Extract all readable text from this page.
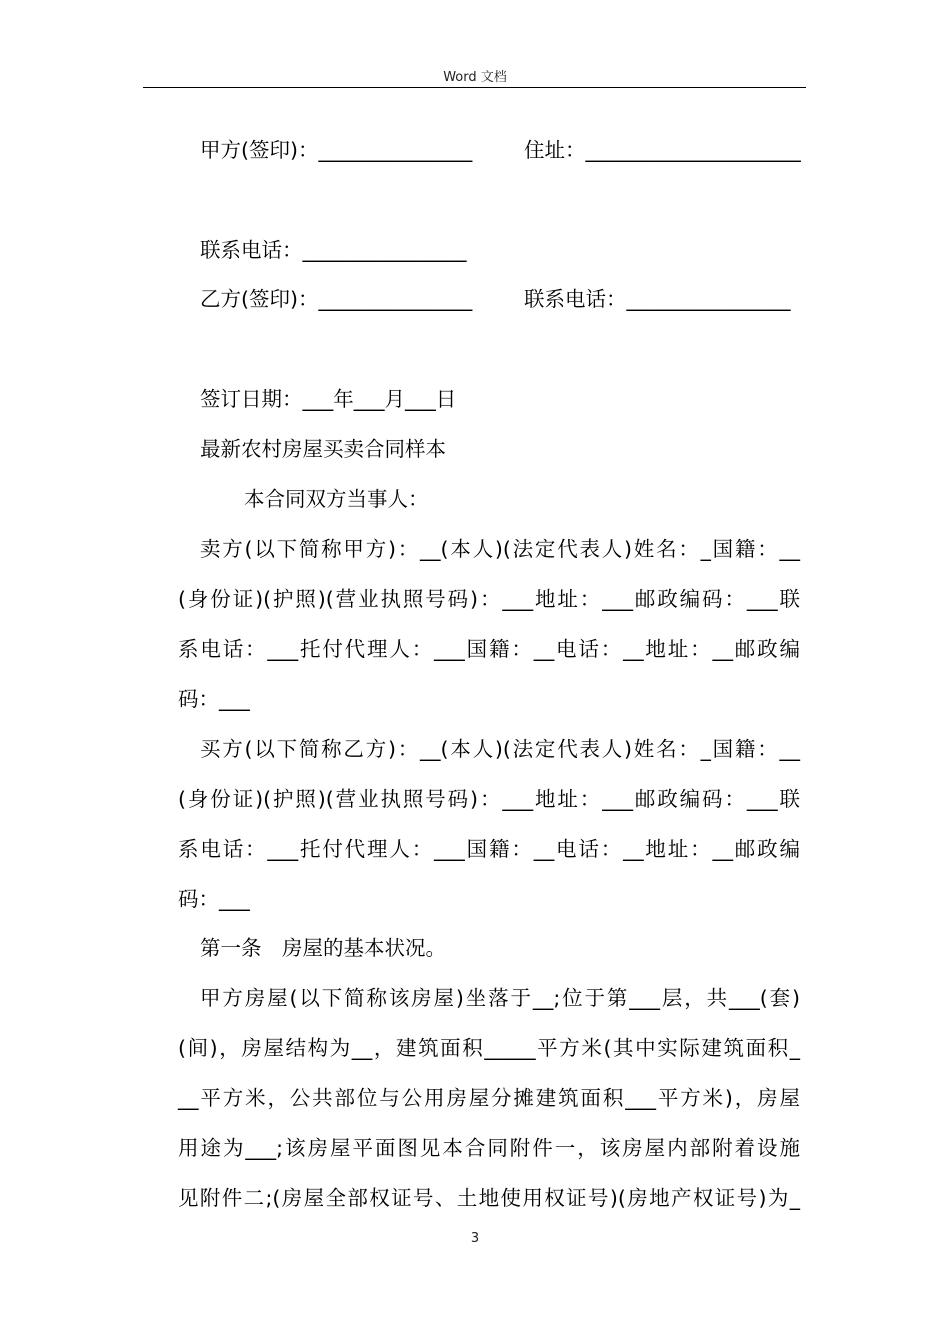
Word 文档
甲方(签印)：_______________	住址：_____________________
联系电话：________________
乙方(签印)：_______________	联系电话：________________
签订日期：___年___月___日
最新农村房屋买卖合同样本
本合同双方当事人：
卖方(以下简称甲方)：__(本人)(法定代表人)姓名：_国籍：__
(身份证)(护照)(营业执照号码)：___地址：___邮政编码：___联
系电话：___托付代理人：___国籍：__电话：__地址：__邮政编
码：___
买方(以下简称乙方)：__(本人)(法定代表人)姓名：_国籍：__
(身份证)(护照)(营业执照号码)：___地址：___邮政编码：___联
系电话：___托付代理人：___国籍：__电话：__地址：__邮政编
码：___
第一条　房屋的基本状况。
甲方房屋(以下简称该房屋)坐落于__;位于第___层，共___(套)
(间)，房屋结构为__，建筑面积_____平方米(其中实际建筑面积_
__平方米，公共部位与公用房屋分摊建筑面积___平方米)，房屋
用途为___;该房屋平面图见本合同附件一，该房屋内部附着设施
见附件二;(房屋全部权证号、土地使用权证号)(房地产权证号)为_
3
